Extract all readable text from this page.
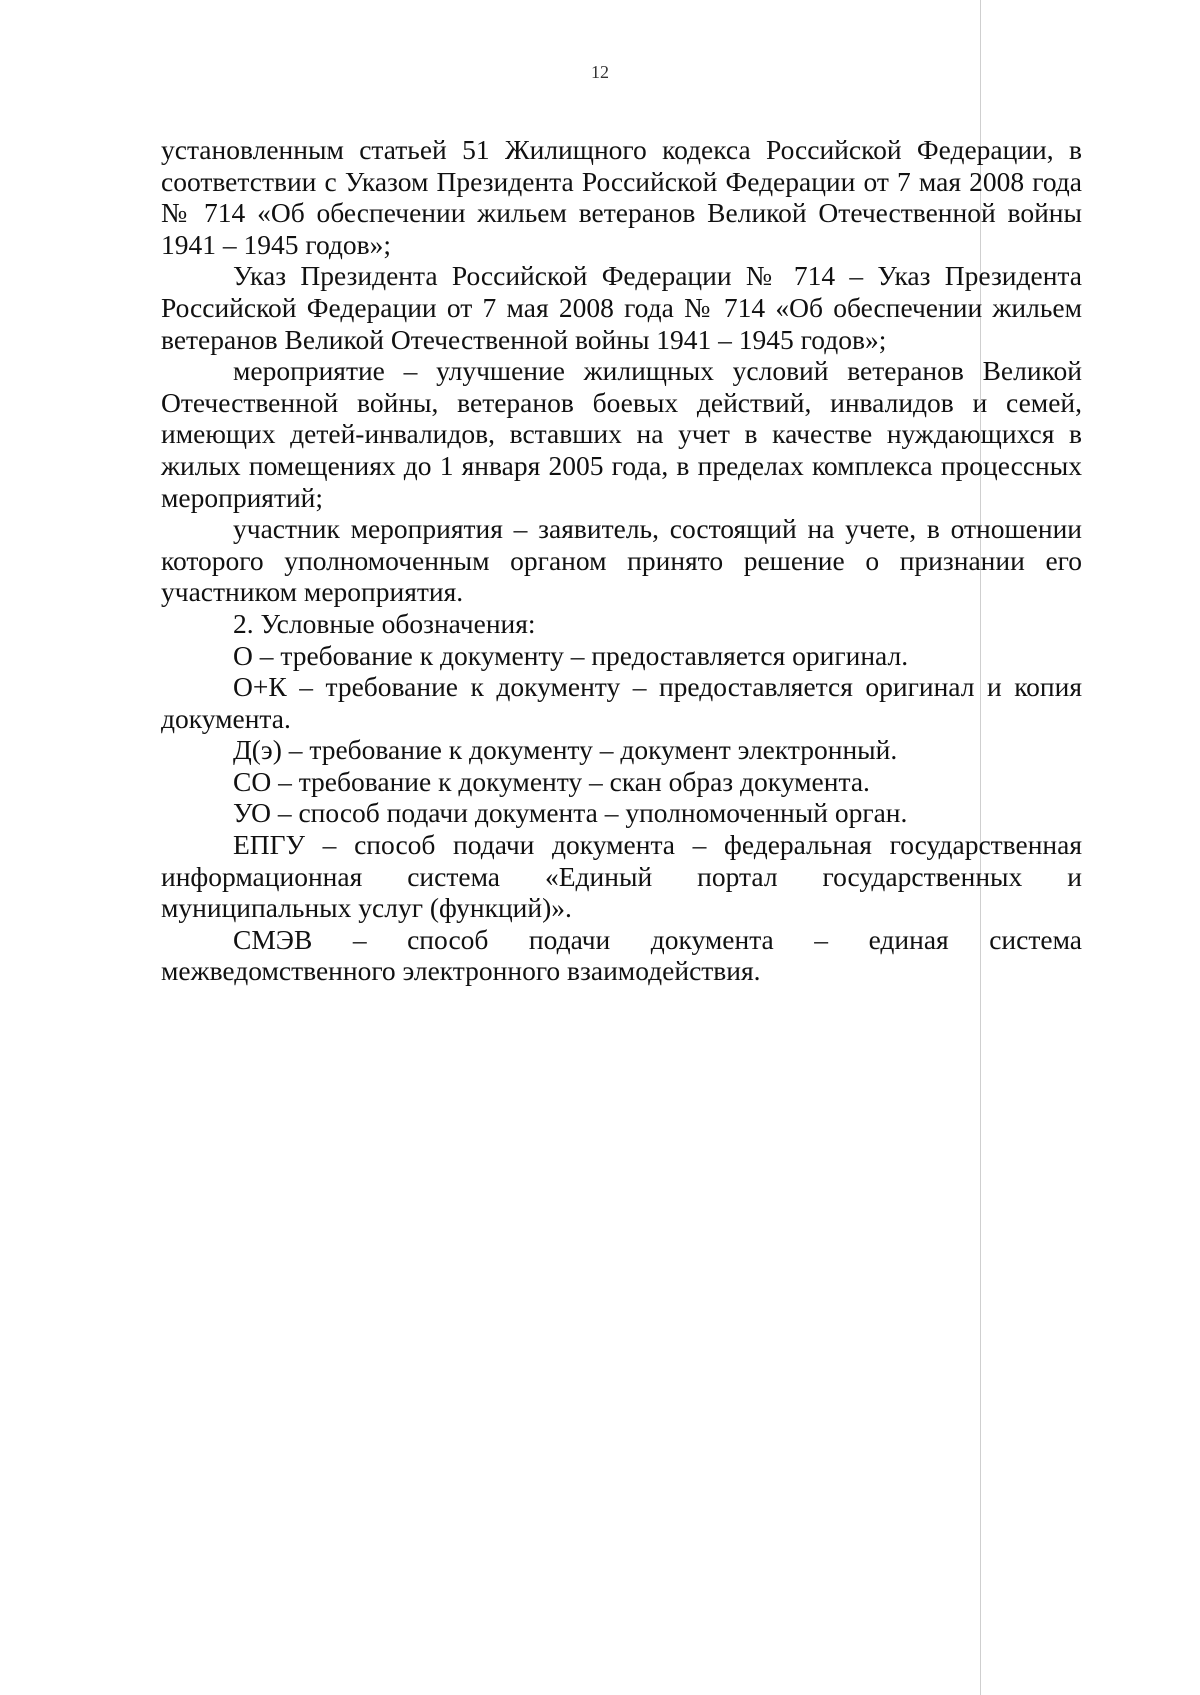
12

установленным статьей 51 Жилищного кодекса Российской Федерации, в соответствии с Указом Президента Российской Федерации от 7 мая 2008 года № 714 «Об обеспечении жильем ветеранов Великой Отечественной войны 1941 – 1945 годов»;

Указ Президента Российской Федерации № 714 – Указ Президента Российской Федерации от 7 мая 2008 года № 714 «Об обеспечении жильем ветеранов Великой Отечественной войны 1941 – 1945 годов»;

мероприятие – улучшение жилищных условий ветеранов Великой Отечественной войны, ветеранов боевых действий, инвалидов и семей, имеющих детей-инвалидов, вставших на учет в качестве нуждающихся в жилых помещениях до 1 января 2005 года, в пределах комплекса процессных мероприятий;

участник мероприятия – заявитель, состоящий на учете, в отношении которого уполномоченным органом принято решение о признании его участником мероприятия.

2. Условные обозначения:

О – требование к документу – предоставляется оригинал.

О+К – требование к документу – предоставляется оригинал и копия документа.

Д(э) – требование к документу – документ электронный.

СО – требование к документу – скан образ документа.

УО – способ подачи документа – уполномоченный орган.

ЕПГУ – способ подачи документа – федеральная государственная информационная система «Единый портал государственных и муниципальных услуг (функций)».

СМЭВ – способ подачи документа – единая система межведомственного электронного взаимодействия.
